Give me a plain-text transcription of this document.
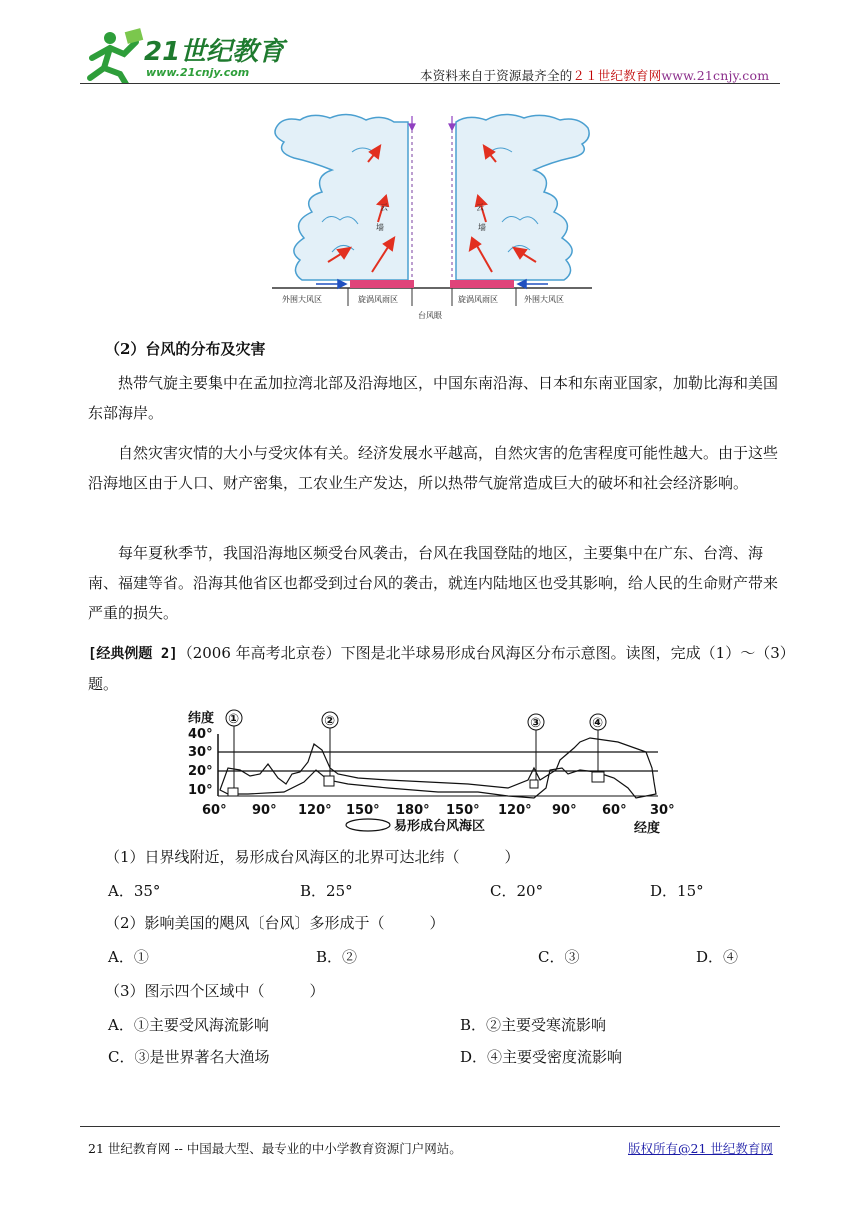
21世纪教育
www.21cnjy.com	本资料来自于资源最齐全的２１世纪教育网www.21cnjy.com
云
墙
云
墙
外围大风区	旋涡风雨区	旋涡风雨区	外围大风区
台风眼
（2）台风的分布及灾害
热带气旋主要集中在孟加拉湾北部及沿海地区，中国东南沿海、日本和东南亚国家，加勒比海和美国东部海岸。
自然灾害灾情的大小与受灾体有关。经济发展水平越高，自然灾害的危害程度可能性越大。由于这些沿海地区由于人口、财产密集，工农业生产发达，所以热带气旋常造成巨大的破坏和社会经济影响。
每年夏秋季节，我国沿海地区频受台风袭击，台风在我国登陆的地区，主要集中在广东、台湾、海南、福建等省。沿海其他省区也都受到过台风的袭击，就连内陆地区也受其影响，给人民的生命财产带来严重的损失。
[经典例题 2]（2006 年高考北京卷）下图是北半球易形成台风海区分布示意图。读图，完成（1）～（3）题。
纬度
40°
30°
20°
10°
①	②	③	④
60° 90° 120° 150° 180° 150° 120° 90° 60° 30°
易形成台风海区	经度
（1）日界线附近，易形成台风海区的北界可达北纬（　　　）
A．35°	B．25°	C．20°	D．15°
（2）影响美国的飓风〔台风〕多形成于（　　　）
A．①	B．②	C．③	D．④
（3）图示四个区域中（　　　）
A．①主要受风海流影响	B．②主要受寒流影响
C．③是世界著名大渔场	D．④主要受密度流影响
21 世纪教育网 -- 中国最大型、最专业的中小学教育资源门户网站。	版权所有@21 世纪教育网
